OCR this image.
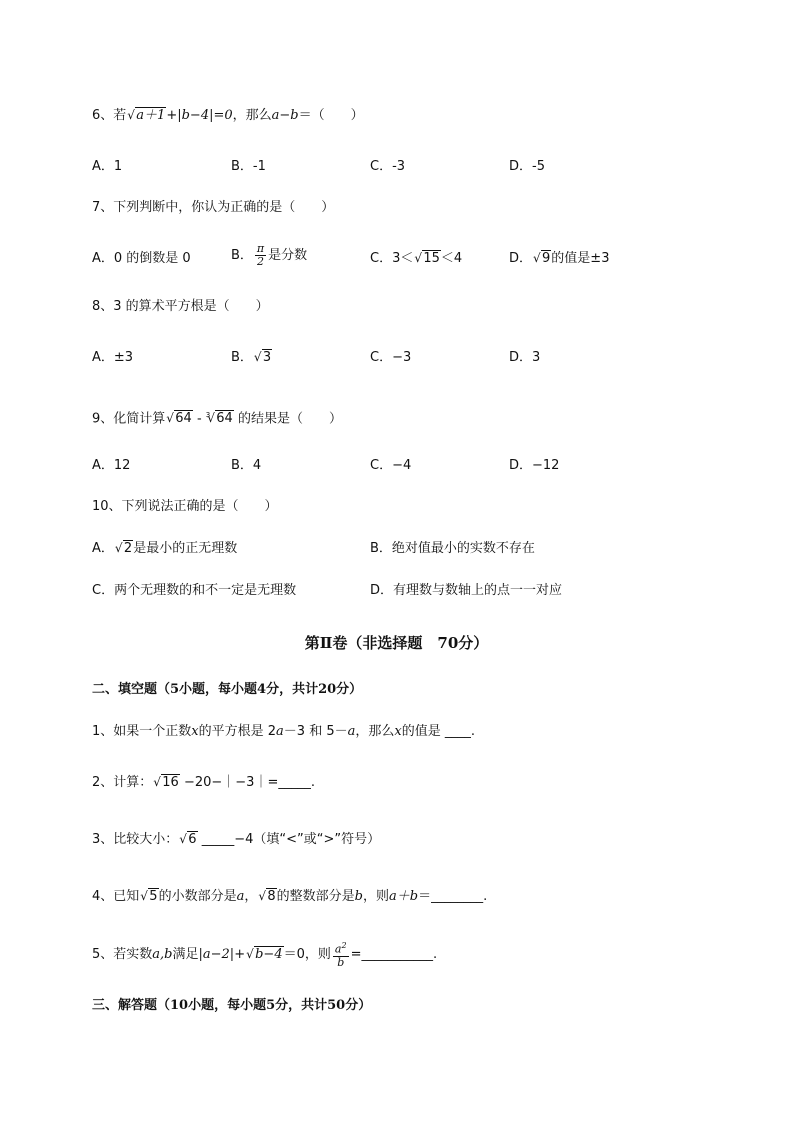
6、若 √ a＋1+|b−4|=0，那么a−b＝（　　）
A．1	B．-1	C．-3	D．-5
7、下列判断中，你认为正确的是（　　）
A．0 的倒数是 0	B． $\frac{\pi}{2}$ 是分数	C．3＜ √ 15＜4	D． √ 9的值是±3
8、3 的算术平方根是（　　）
A．±3	B． √ 3	C．−3	D．3
9、化简计算 √ 64 - $^3$ √ 64 的结果是（　　）
A．12	B．4	C．−4	D．−12
10、下列说法正确的是（　　）
A． √ 2是最小的正无理数	B．绝对值最小的实数不存在
C．两个无理数的和不一定是无理数	D．有理数与数轴上的点一一对应
第Ⅱ卷（非选择题　70分）
二、填空题（5小题，每小题4分，共计20分）
1、如果一个正数x的平方根是 2a－3 和 5－a，那么x的值是 ____.
2、计算： √ 16 −20−｜−3｜=_____.
3、比较大小： √ 6 _____−4（填“<”或“>”符号）
4、已知 √ 5的小数部分是a， √ 8的整数部分是b，则a＋b＝________.
5、若实数a,b满足|a−2|+ √ b−4＝0，则 $\frac{a^2}{b}$ =___________.
三、解答题（10小题，每小题5分，共计50分）
